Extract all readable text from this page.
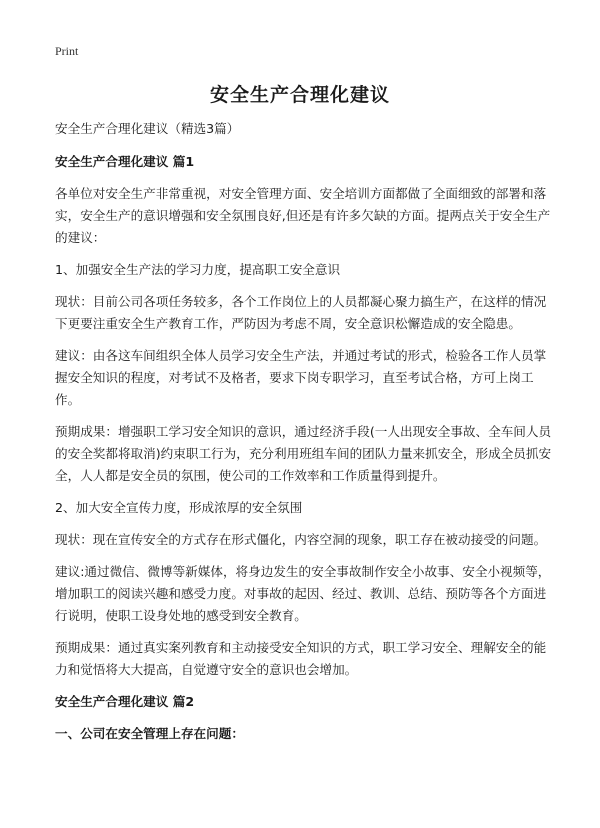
Print
安全生产合理化建议

安全生产合理化建议（精选3篇）

安全生产合理化建议 篇1

各单位对安全生产非常重视，对安全管理方面、安全培训方面都做了全面细致的部署和落实，安全生产的意识增强和安全氛围良好,但还是有许多欠缺的方面。提两点关于安全生产的建议：

1、加强安全生产法的学习力度，提高职工安全意识

现状：目前公司各项任务较多，各个工作岗位上的人员都凝心聚力搞生产，在这样的情况下更要注重安全生产教育工作，严防因为考虑不周，安全意识松懈造成的安全隐患。

建议：由各这车间组织全体人员学习安全生产法，并通过考试的形式，检验各工作人员掌握安全知识的程度，对考试不及格者，要求下岗专职学习，直至考试合格，方可上岗工作。

预期成果：增强职工学习安全知识的意识，通过经济手段(一人出现安全事故、全车间人员的安全奖都将取消)约束职工行为，充分利用班组车间的团队力量来抓安全，形成全员抓安全，人人都是安全员的氛围，使公司的工作效率和工作质量得到提升。

2、加大安全宣传力度，形成浓厚的安全氛围

现状：现在宣传安全的方式存在形式僵化，内容空洞的现象，职工存在被动接受的问题。

建议:通过微信、微博等新媒体，将身边发生的安全事故制作安全小故事、安全小视频等，增加职工的阅读兴趣和感受力度。对事故的起因、经过、教训、总结、预防等各个方面进行说明，使职工设身处地的感受到安全教育。

预期成果：通过真实案列教育和主动接受安全知识的方式，职工学习安全、理解安全的能力和觉悟将大大提高，自觉遵守安全的意识也会增加。

安全生产合理化建议 篇2

一、公司在安全管理上存在问题：
